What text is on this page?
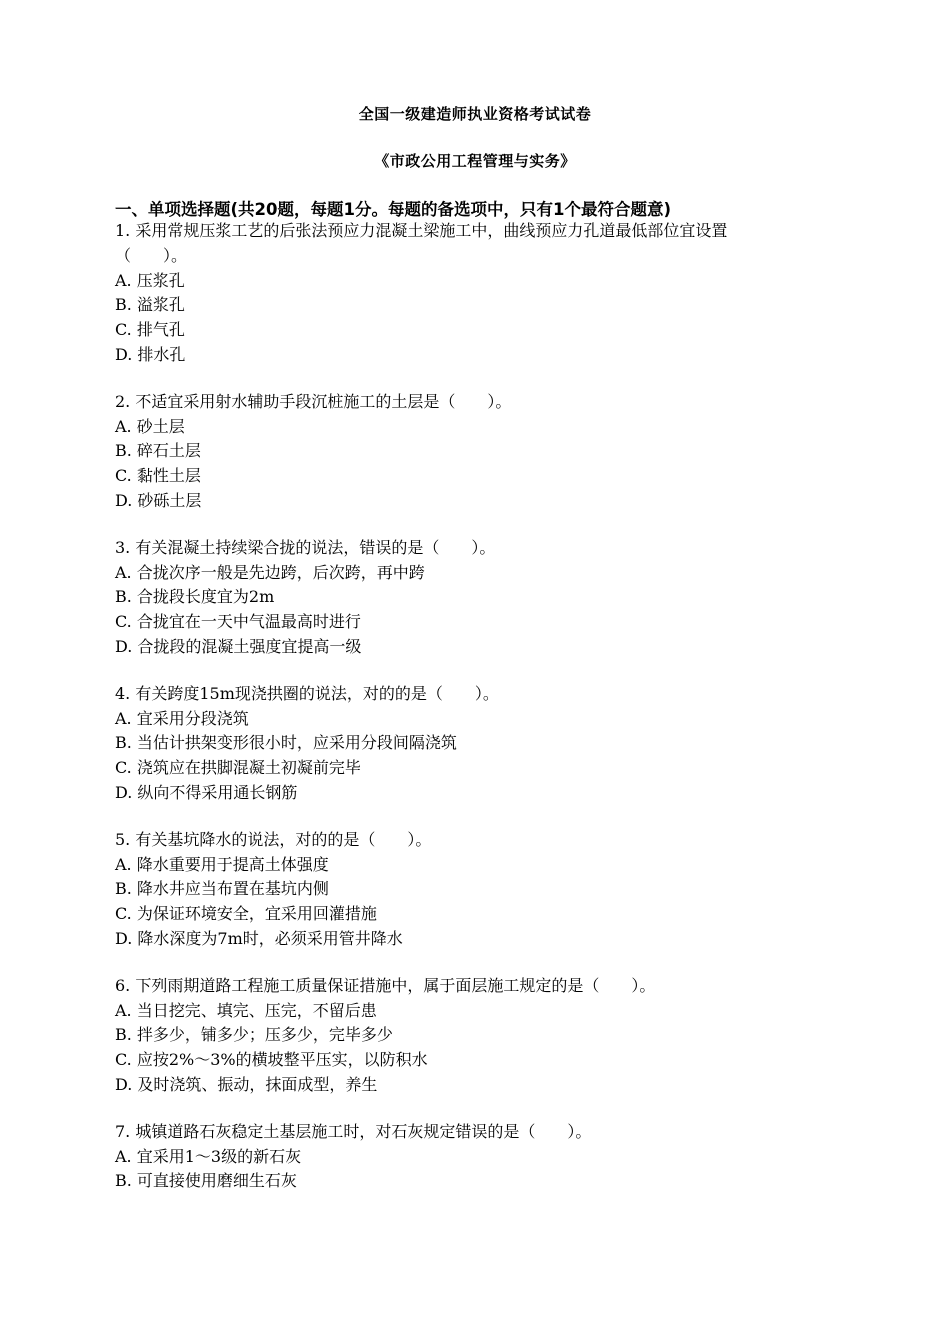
全国一级建造师执业资格考试试卷
《市政公用工程管理与实务》
一、单项选择题(共20题，每题1分。每题的备选项中，只有1个最符合题意)
1. 采用常规压浆工艺的后张法预应力混凝土梁施工中，曲线预应力孔道最低部位宜设置
（　　）。
A. 压浆孔
B. 溢浆孔
C. 排气孔
D. 排水孔
2. 不适宜采用射水辅助手段沉桩施工的土层是（　　）。
A. 砂土层
B. 碎石土层
C. 黏性土层
D. 砂砾土层
3. 有关混凝土持续梁合拢的说法，错误的是（　　）。
A. 合拢次序一般是先边跨，后次跨，再中跨
B. 合拢段长度宜为2m
C. 合拢宜在一天中气温最高时进行
D. 合拢段的混凝土强度宜提高一级
4. 有关跨度15m现浇拱圈的说法，对的的是（　　）。
A. 宜采用分段浇筑
B. 当估计拱架变形很小时，应采用分段间隔浇筑
C. 浇筑应在拱脚混凝土初凝前完毕
D. 纵向不得采用通长钢筋
5. 有关基坑降水的说法，对的的是（　　）。
A. 降水重要用于提高土体强度
B. 降水井应当布置在基坑内侧
C. 为保证环境安全，宜采用回灌措施
D. 降水深度为7m时，必须采用管井降水
6. 下列雨期道路工程施工质量保证措施中，属于面层施工规定的是（　　）。
A. 当日挖完、填完、压完，不留后患
B. 拌多少，铺多少；压多少，完毕多少
C. 应按2%～3%的横坡整平压实，以防积水
D. 及时浇筑、振动，抹面成型，养生
7. 城镇道路石灰稳定土基层施工时，对石灰规定错误的是（　　）。
A. 宜采用1～3级的新石灰
B. 可直接使用磨细生石灰
